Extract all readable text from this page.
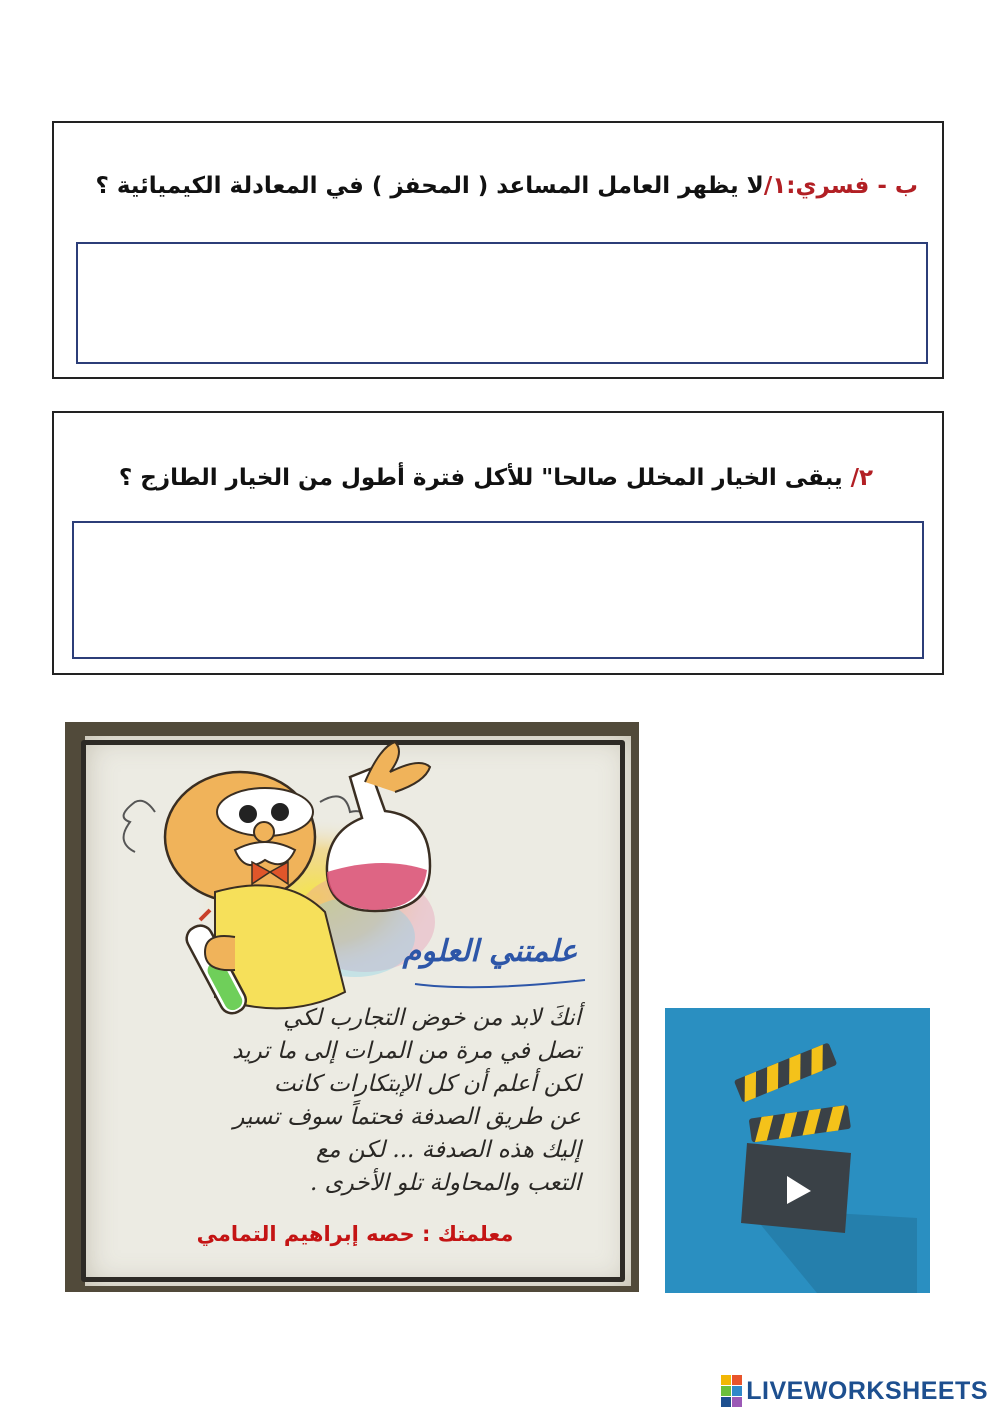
ب - فسري:١/لا يظهر العامل المساعد ( المحفز ) في المعادلة الكيميائية ؟
٢/ يبقى الخيار المخلل صالحا" للأكل فترة أطول من الخيار الطازج ؟
علمتني العلوم
أنكَ لابد من خوض التجارب لكي
تصل في مرة من المرات إلى ما تريد
لكن أعلم أن كل الإبتكارات كانت
عن طريق الصدفة فحتماً سوف تسير
إليك هذه الصدفة ... لكن مع
التعب والمحاولة تلو الأخرى .
معلمتك : حصه إبراهيم التمامي
LIVEWORKSHEETS
